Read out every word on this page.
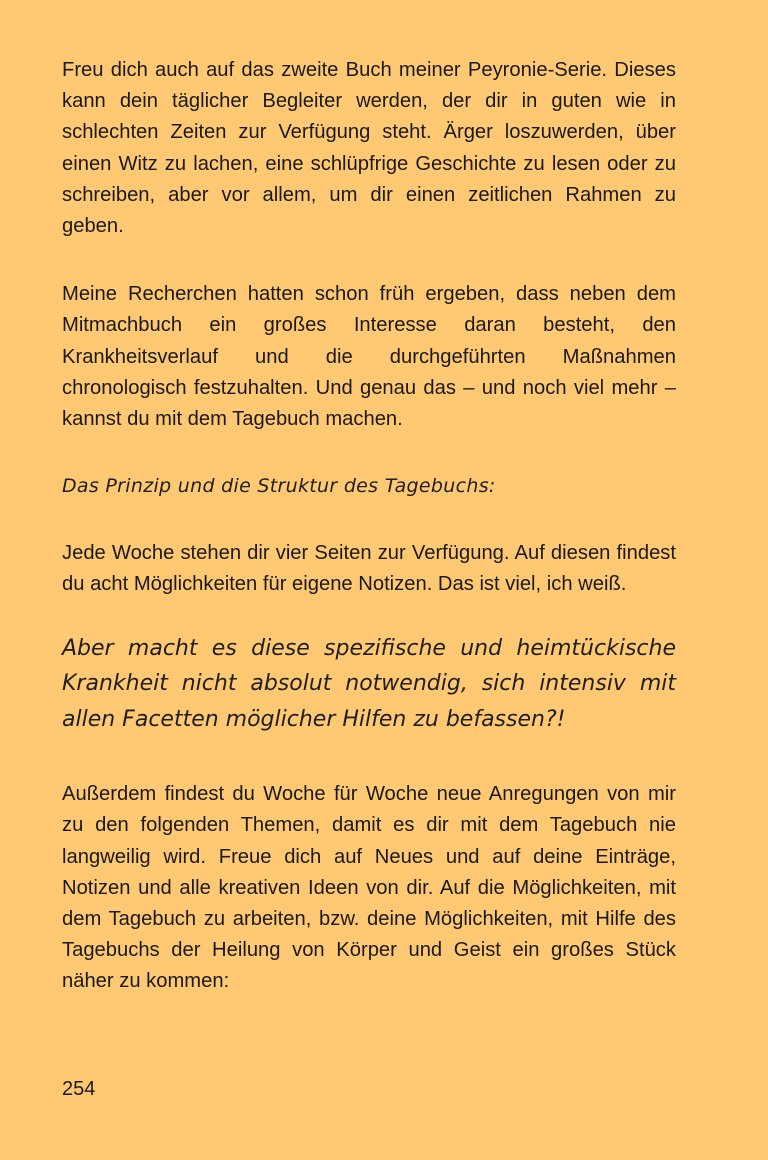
Freu dich auch auf das zweite Buch meiner Peyronie-Serie. Dieses kann dein täglicher Begleiter werden, der dir in guten wie in schlechten Zeiten zur Verfügung steht. Ärger loszuwerden, über einen Witz zu lachen, eine schlüpfrige Geschichte zu lesen oder zu schreiben, aber vor allem, um dir einen zeitlichen Rahmen zu geben.

Meine Recherchen hatten schon früh ergeben, dass neben dem Mitmachbuch ein großes Interesse daran besteht, den Krankheitsverlauf und die durchgeführten Maßnahmen chronologisch festzuhalten. Und genau das – und noch viel mehr – kannst du mit dem Tagebuch machen.

Das Prinzip und die Struktur des Tagebuchs:

Jede Woche stehen dir vier Seiten zur Verfügung. Auf diesen findest du acht Möglichkeiten für eigene Notizen. Das ist viel, ich weiß.

Aber macht es diese spezifische und heimtückische Krankheit nicht absolut notwendig, sich intensiv mit allen Facetten möglicher Hilfen zu befassen?!

Außerdem findest du Woche für Woche neue Anregungen von mir zu den folgenden Themen, damit es dir mit dem Tagebuch nie langweilig wird. Freue dich auf Neues und auf deine Einträge, Notizen und alle kreativen Ideen von dir. Auf die Möglichkeiten, mit dem Tagebuch zu arbeiten, bzw. deine Möglichkeiten, mit Hilfe des Tagebuchs der Heilung von Körper und Geist ein großes Stück näher zu kommen:

254
